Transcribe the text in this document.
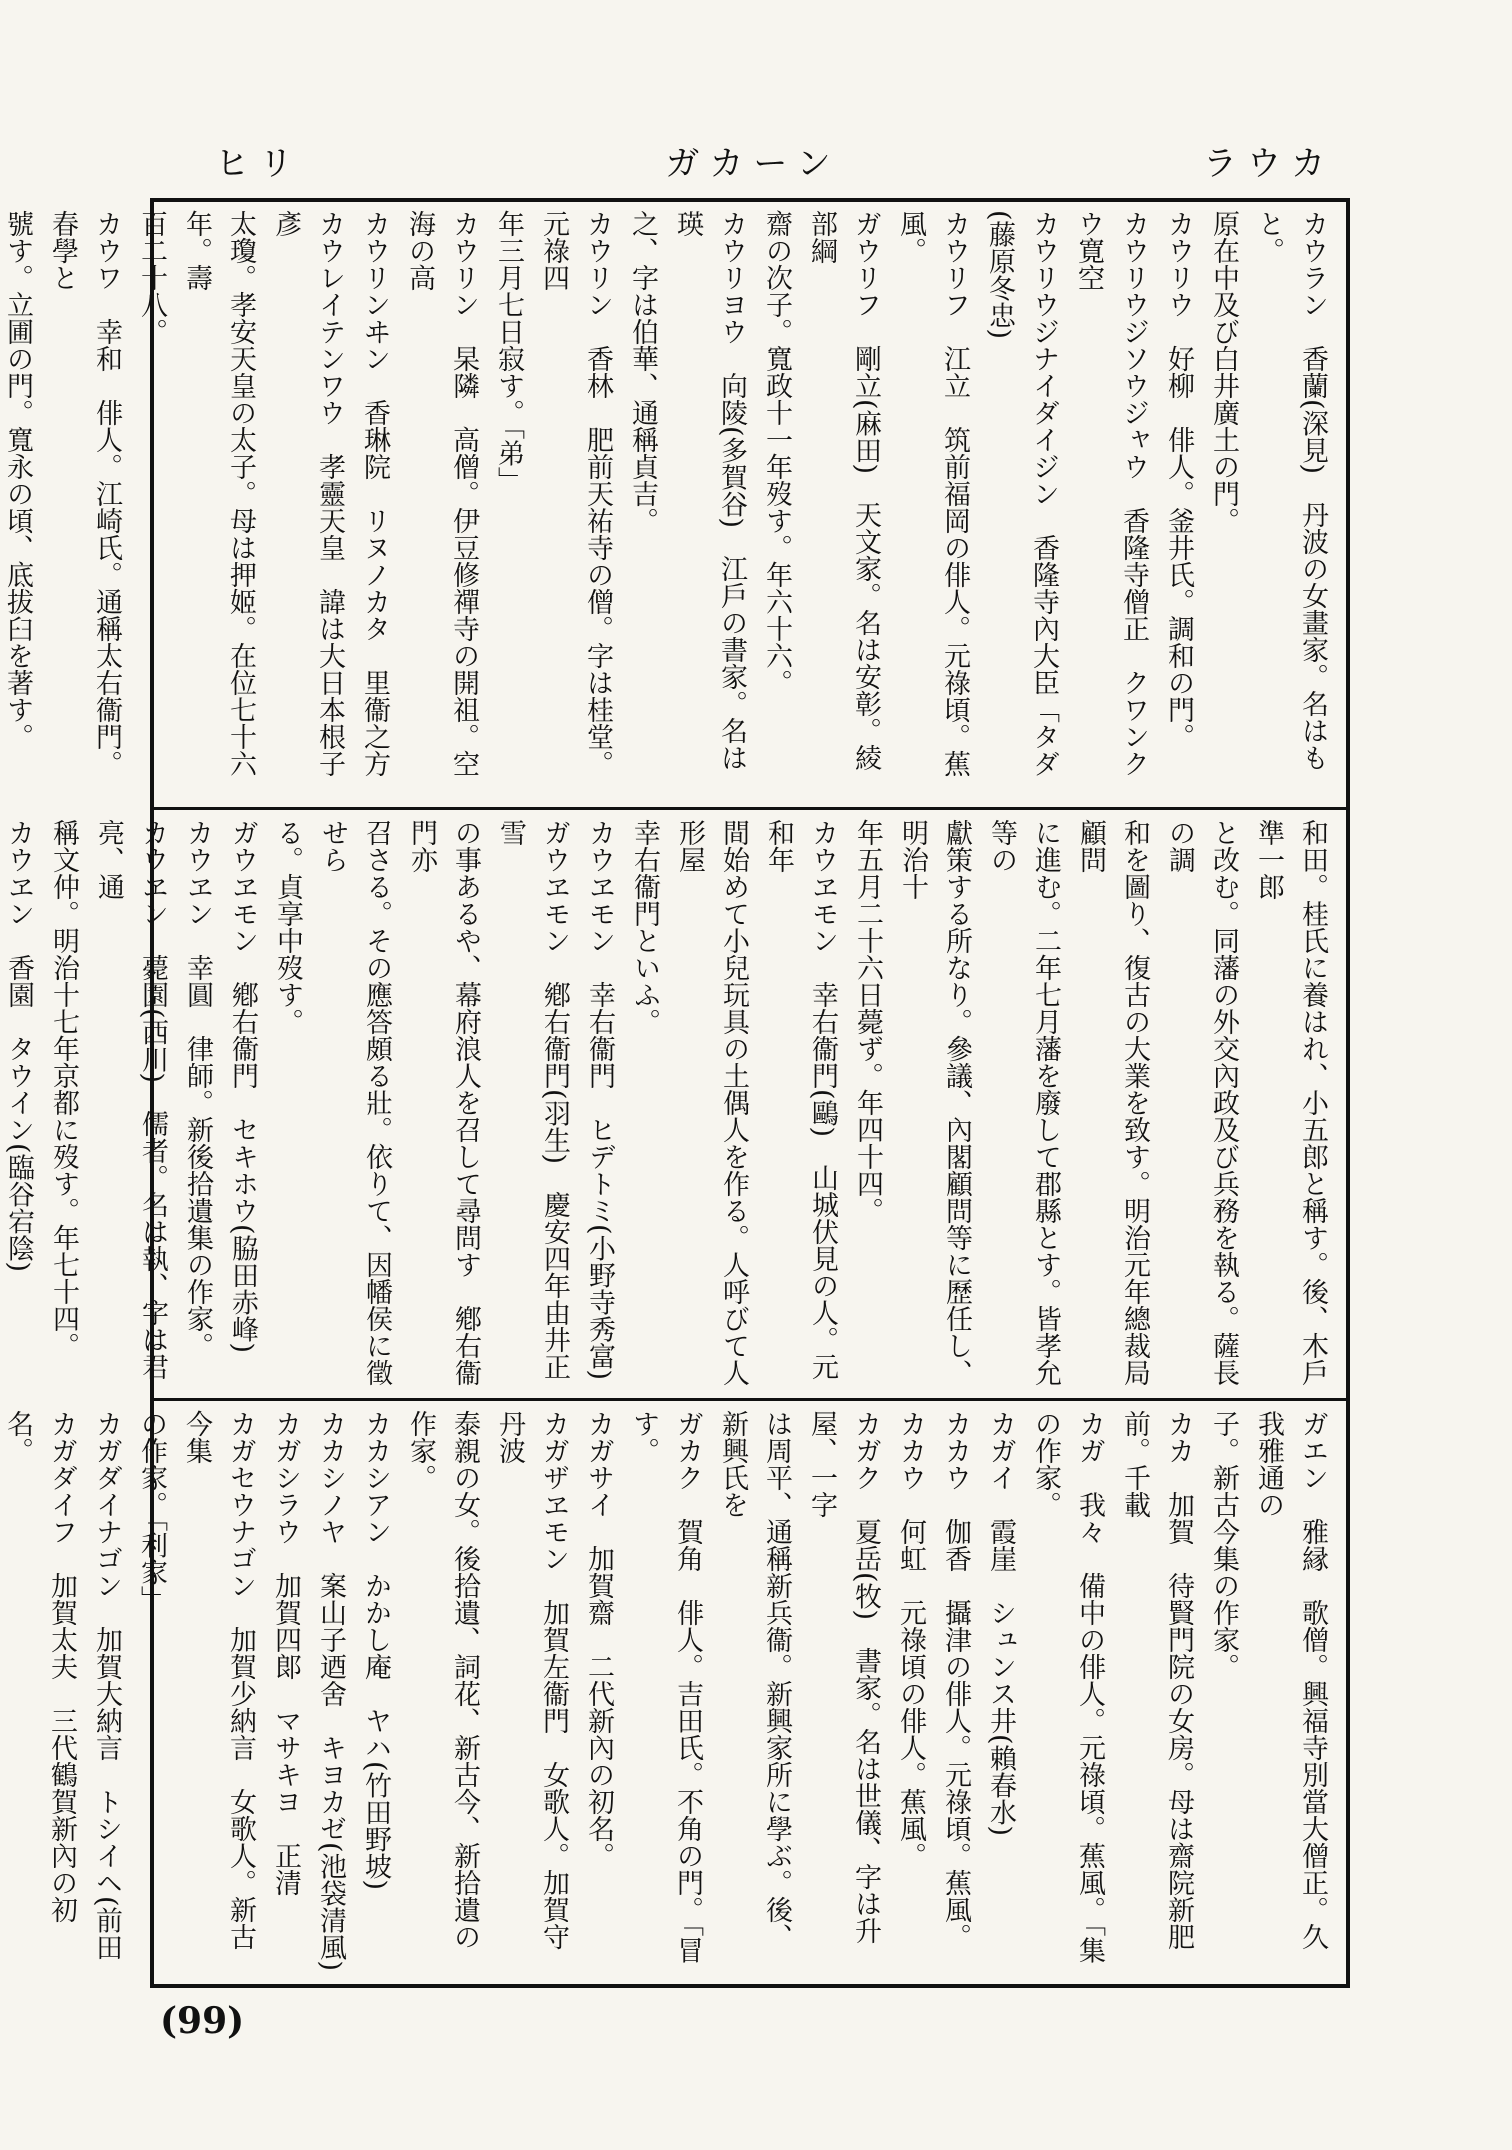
ヒリ	ガカーン	ラウカ
カウラン　香蘭(深見)　丹波の女畫家。名はもと。
原在中及び白井廣土の門。
カウリウ　好柳　俳人。釜井氏。調和の門。
カウリウジソウジャウ　香隆寺僧正　クワンク
ウ寛空
カウリウジナイダイジン　香隆寺內大臣「タダ(藤原冬忠)
カウリフ　江立　筑前福岡の俳人。元祿頃。蕉風。
ガウリフ　剛立(麻田)　天文家。名は安彰。綾部綱
齋の次子。寬政十一年歿す。年六十六。
カウリヨウ　向陵(多賀谷)　江戶の書家。名は瑛
之、字は伯華、通稱貞吉。
カウリン　香林　肥前天祐寺の僧。字は桂堂。元祿四
年三月七日寂す。「弟」
カウリン　杲隣　高僧。伊豆修禪寺の開祖。空海の高
カウリンヰン　香琳院　リヌノカタ　里衞之方
カウレイテンワウ　孝靈天皇　諱は大日本根子彥
太瓊。孝安天皇の太子。母は押姬。在位七十六年。壽
百二十八。
カウワ　幸和　俳人。江崎氏。通稱太右衞門。春學と
號す。立圃の門。寬永の頃、底拔臼を著す。
和田。桂氏に養はれ、小五郎と稱す。後、木戶準一郎
と改む。同藩の外交內政及び兵務を執る。薩長の調
和を圖り、復古の大業を致す。明治元年總裁局顧問
に進む。二年七月藩を廢して郡縣とす。皆孝允等の
獻策する所なり。參議、內閣顧問等に歷任し、明治十
年五月二十六日薨ず。年四十四。
カウヱモン　幸右衞門(鷗)　山城伏見の人。元和年
間始めて小兒玩具の土偶人を作る。人呼びて人形屋
幸右衞門といふ。
カウヱモン　幸右衞門　ヒデトミ(小野寺秀富)
ガウヱモン　鄕右衞門(羽生)　慶安四年由井正雪
の事あるや、幕府浪人を召して尋問す　鄕右衞門亦
召さる。その應答頗る壯。依りて、因幡侯に徵せら
る。貞享中歿す。
ガウヱモン　鄕右衞門　セキホウ(脇田赤峰)
カウヱン　幸圓　律師。新後拾遺集の作家。
カウヱン　薨園(西川)　儒者。名は執、字は君亮、通
稱文仲。明治十七年京都に歿す。年七十四。
カウヱン　香園　タウイン(臨谷宕陰)
ガエン　雅縁　歌僧。興福寺別當大僧正。久我雅通の
子。新古今集の作家。
カカ　加賀　待賢門院の女房。母は齋院新肥前。千載
カガ　我々　備中の俳人。元祿頃。蕉風。「集の作家。
カガイ　霞崖　シュンス井(賴春水)
カカウ　伽香　攝津の俳人。元祿頃。蕉風。
カカウ　何虹　元祿頃の俳人。蕉風。
カガク　夏岳(牧)　書家。名は世儀、字は升屋、一字
は周平、通稱新兵衞。新興家所に學ぶ。後、新興氏を
ガカク　賀角　俳人。吉田氏。不角の門。「冒す。
カガサイ　加賀齋　二代新內の初名。
カガザヱモン　加賀左衞門　女歌人。加賀守丹波
泰親の女。後拾遺、詞花、新古今、新拾遺の作家。
カカシアン　かかし庵　ヤハ(竹田野坡)
カカシノヤ　案山子迺舍　キヨカゼ(池袋清風)
カガシラウ　加賀四郞　マサキヨ　正清
カガセウナゴン　加賀少納言　女歌人。新古今集
の作家。「利家」
カガダイナゴン　加賀大納言　トシイヘ(前田
カガダイフ　加賀太夫　三代鶴賀新內の初名。
(99)
